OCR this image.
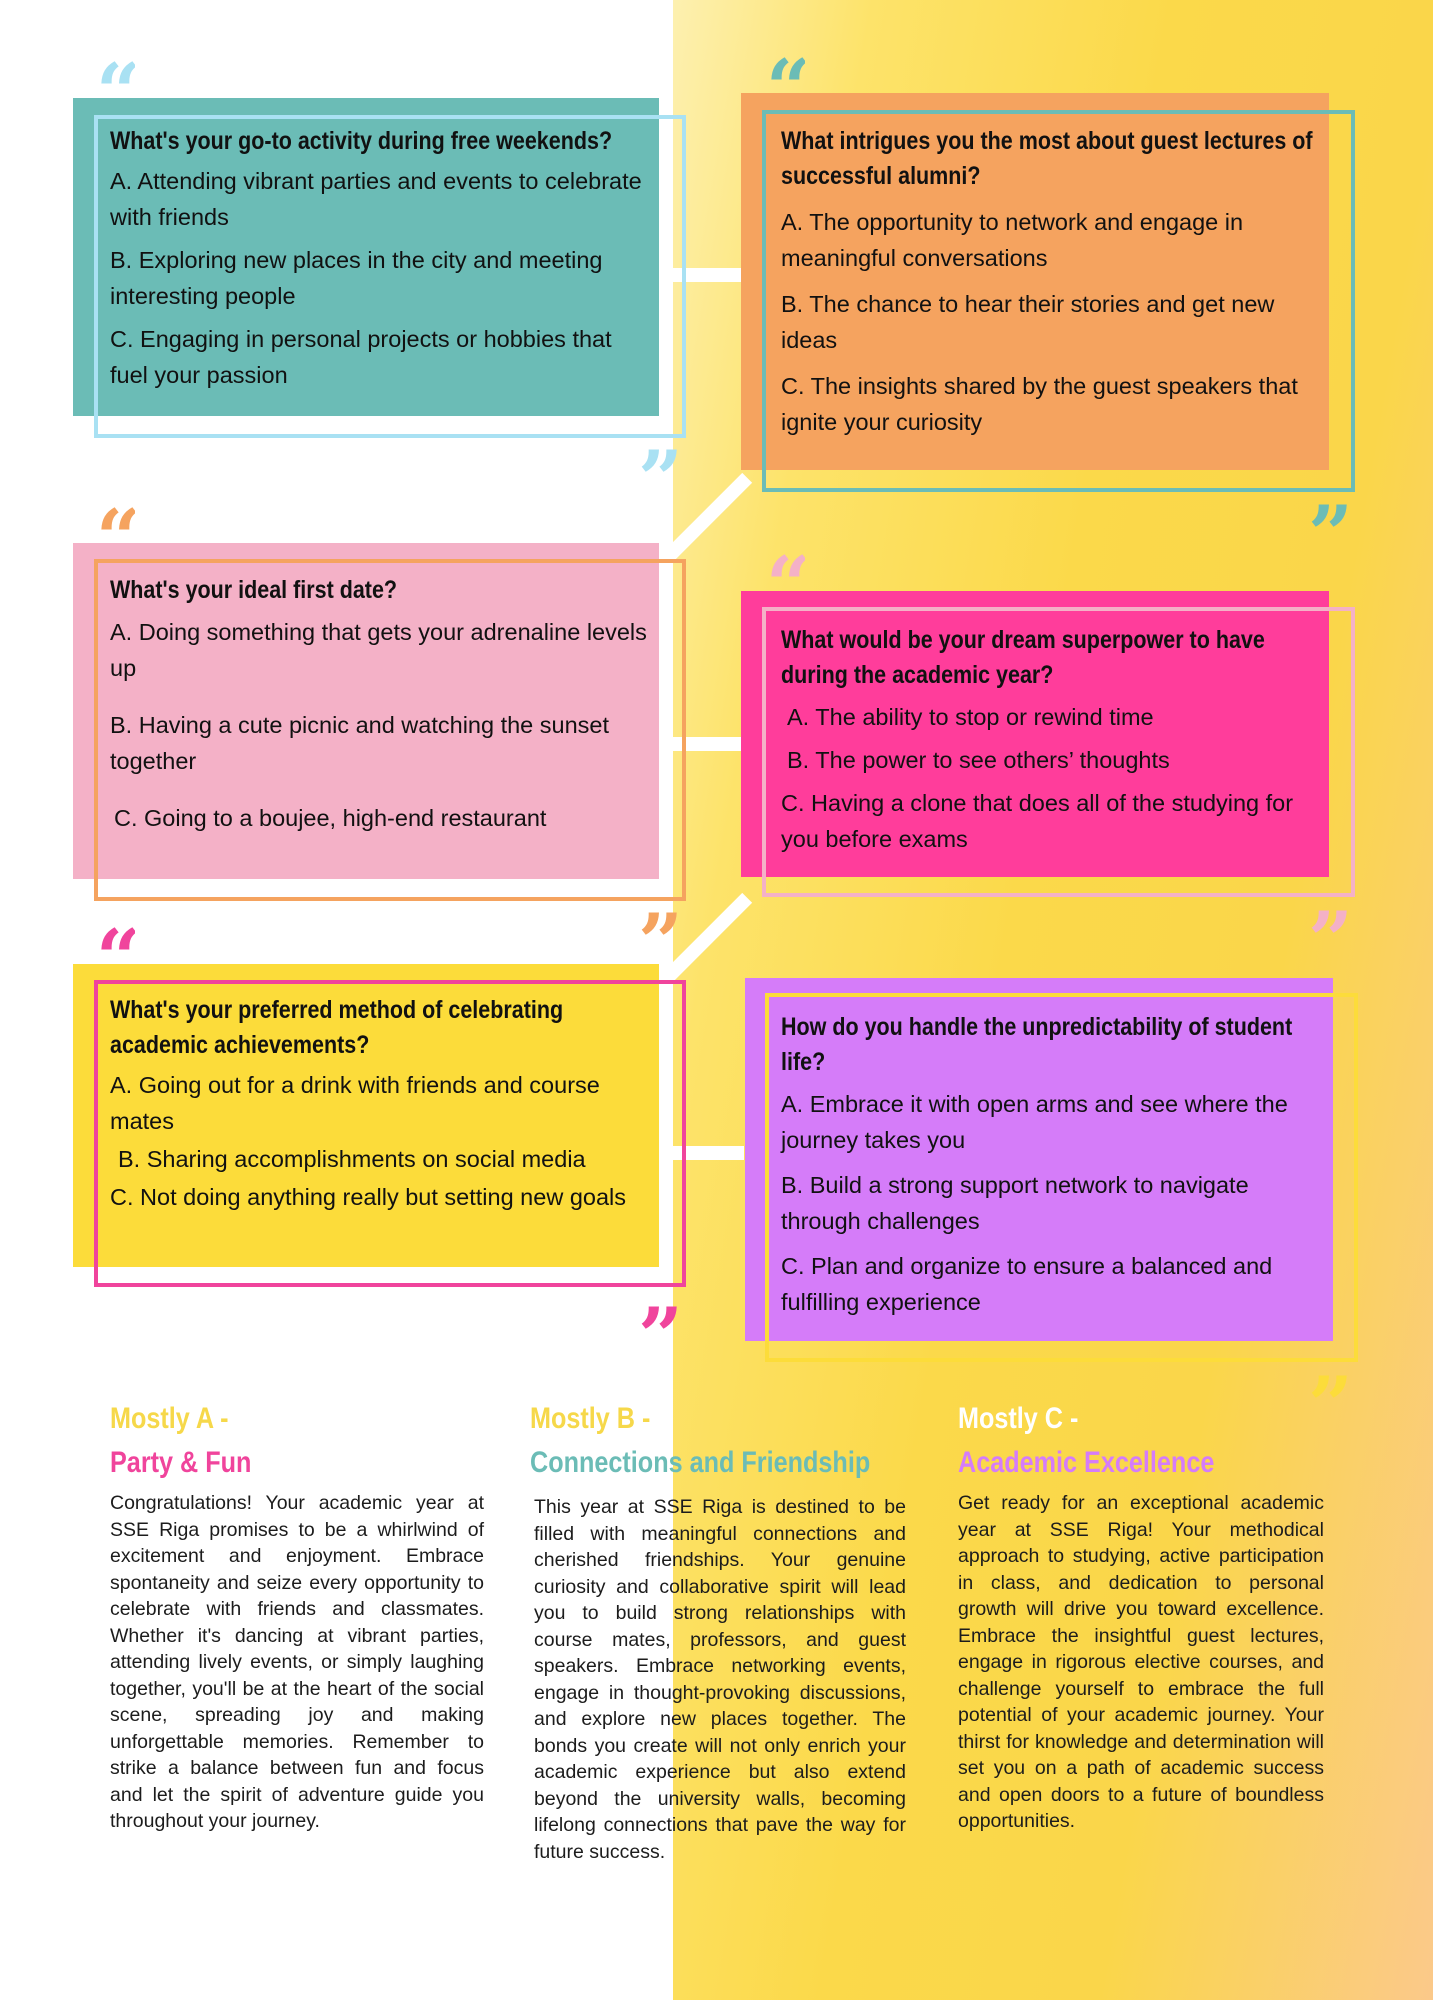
“
What's your go-to activity during free weekends?
A. Attending vibrant parties and events to celebrate with friends
B. Exploring new places in the city and meeting interesting people
C. Engaging in personal projects or hobbies that fuel your passion
”
“
What intrigues you the most about guest lectures of successful alumni?
A. The opportunity to network and engage in meaningful conversations
B. The chance to hear their stories and get new ideas
C. The insights shared by the guest speakers that ignite your curiosity
”
“
What's your ideal first date?
A. Doing something that gets your adrenaline levels up
B. Having a cute picnic and watching the sunset together
C. Going to a boujee, high-end restaurant
”
“
What would be your dream superpower to have during the academic year?
A. The ability to stop or rewind time
B. The power to see others’ thoughts
C. Having a clone that does all of the studying for you before exams
”
“
What's your preferred method of celebrating academic achievements?
A. Going out for a drink with friends and course mates
B. Sharing accomplishments on social media
C. Not doing anything really but setting new goals
”
How do you handle the unpredictability of student life?
A. Embrace it with open arms and see where the journey takes you
B. Build a strong support network to navigate through challenges
C. Plan and organize to ensure a balanced and fulfilling experience
”
Mostly A -
Party & Fun
Congratulations! Your academic year at SSE Riga promises to be a whirlwind of excitement and enjoyment. Embrace spontaneity and seize every opportunity to celebrate with friends and classmates. Whether it's dancing at vibrant parties, attending lively events, or simply laughing together, you'll be at the heart of the social scene, spreading joy and making unforgettable memories. Remember to strike a balance between fun and focus and let the spirit of adventure guide you throughout your journey.
Mostly B -
Connections and Friendship
This year at SSE Riga is destined to be filled with meaningful connections and cherished friendships. Your genuine curiosity and collaborative spirit will lead you to build strong relationships with course mates, professors, and guest speakers. Embrace networking events, engage in thought-provoking discussions, and explore new places together. The bonds you create will not only enrich your academic experience but also extend beyond the university walls, becoming lifelong connections that pave the way for future success.
Mostly C -
Academic Excellence
Get ready for an exceptional academic year at SSE Riga! Your methodical approach to studying, active participation in class, and dedication to personal growth will drive you toward excellence. Embrace the insightful guest lectures, engage in rigorous elective courses, and challenge yourself to embrace the full potential of your academic journey. Your thirst for knowledge and determination will set you on a path of academic success and open doors to a future of boundless opportunities.
